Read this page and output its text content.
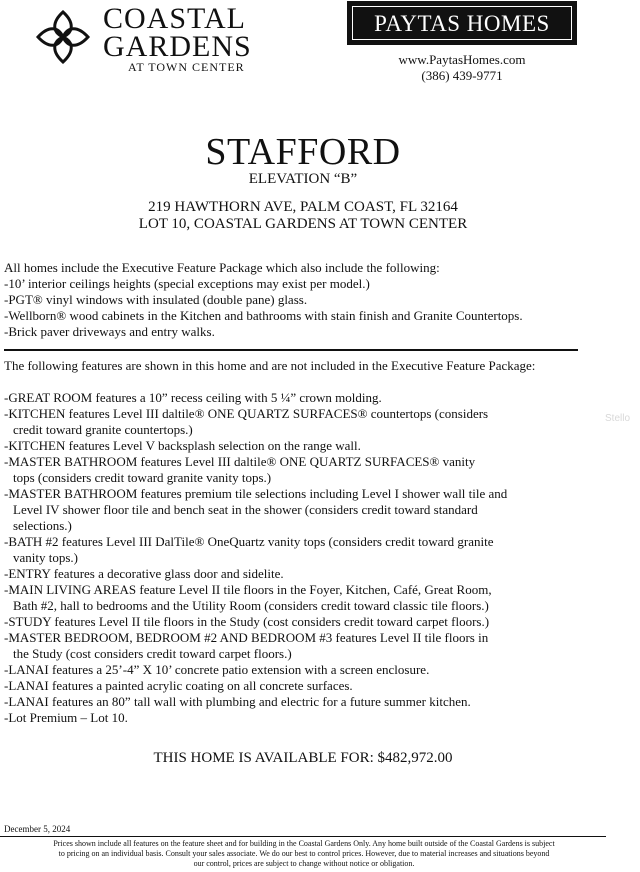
COASTAL
GARDENS
AT TOWN CENTER
PAYTAS HOMES
www.PaytasHomes.com
(386) 439-9771
STAFFORD
ELEVATION “B”
219 HAWTHORN AVE, PALM COAST, FL 32164
LOT 10, COASTAL GARDENS AT TOWN CENTER
All homes include the Executive Feature Package which also include the following:
-10’ interior ceilings heights (special exceptions may exist per model.)
-PGT® vinyl windows with insulated (double pane) glass.
-Wellborn® wood cabinets in the Kitchen and bathrooms with stain finish and Granite Countertops.
-Brick paver driveways and entry walks.
The following features are shown in this home and are not included in the Executive Feature Package:
-GREAT ROOM features a 10” recess ceiling with 5 ¼” crown molding.
-KITCHEN features Level III daltile® ONE QUARTZ SURFACES® countertops (considers
credit toward granite countertops.)
-KITCHEN features Level V backsplash selection on the range wall.
-MASTER BATHROOM features Level III daltile® ONE QUARTZ SURFACES® vanity
tops (considers credit toward granite vanity tops.)
-MASTER BATHROOM features premium tile selections including Level I shower wall tile and
Level IV shower floor tile and bench seat in the shower (considers credit toward standard
selections.)
-BATH #2 features Level III DalTile® OneQuartz vanity tops (considers credit toward granite
vanity tops.)
-ENTRY features a decorative glass door and sidelite.
-MAIN LIVING AREAS feature Level II tile floors in the Foyer, Kitchen, Café, Great Room,
Bath #2, hall to bedrooms and the Utility Room (considers credit toward classic tile floors.)
-STUDY features Level II tile floors in the Study (cost considers credit toward carpet floors.)
-MASTER BEDROOM, BEDROOM #2 AND BEDROOM #3 features Level II tile floors in
the Study (cost considers credit toward carpet floors.)
-LANAI features a 25’-4” X 10’ concrete patio extension with a screen enclosure.
-LANAI features a painted acrylic coating on all concrete surfaces.
-LANAI features an 80” tall wall with plumbing and electric for a future summer kitchen.
-Lot Premium – Lot 10.
THIS HOME IS AVAILABLE FOR: $482,972.00
December 5, 2024
Prices shown include all features on the feature sheet and for building in the Coastal Gardens Only. Any home built outside of the Coastal Gardens is subject
to pricing on an individual basis. Consult your sales associate. We do our best to control prices. However, due to material increases and situations beyond
our control, prices are subject to change without notice or obligation.
Stello
